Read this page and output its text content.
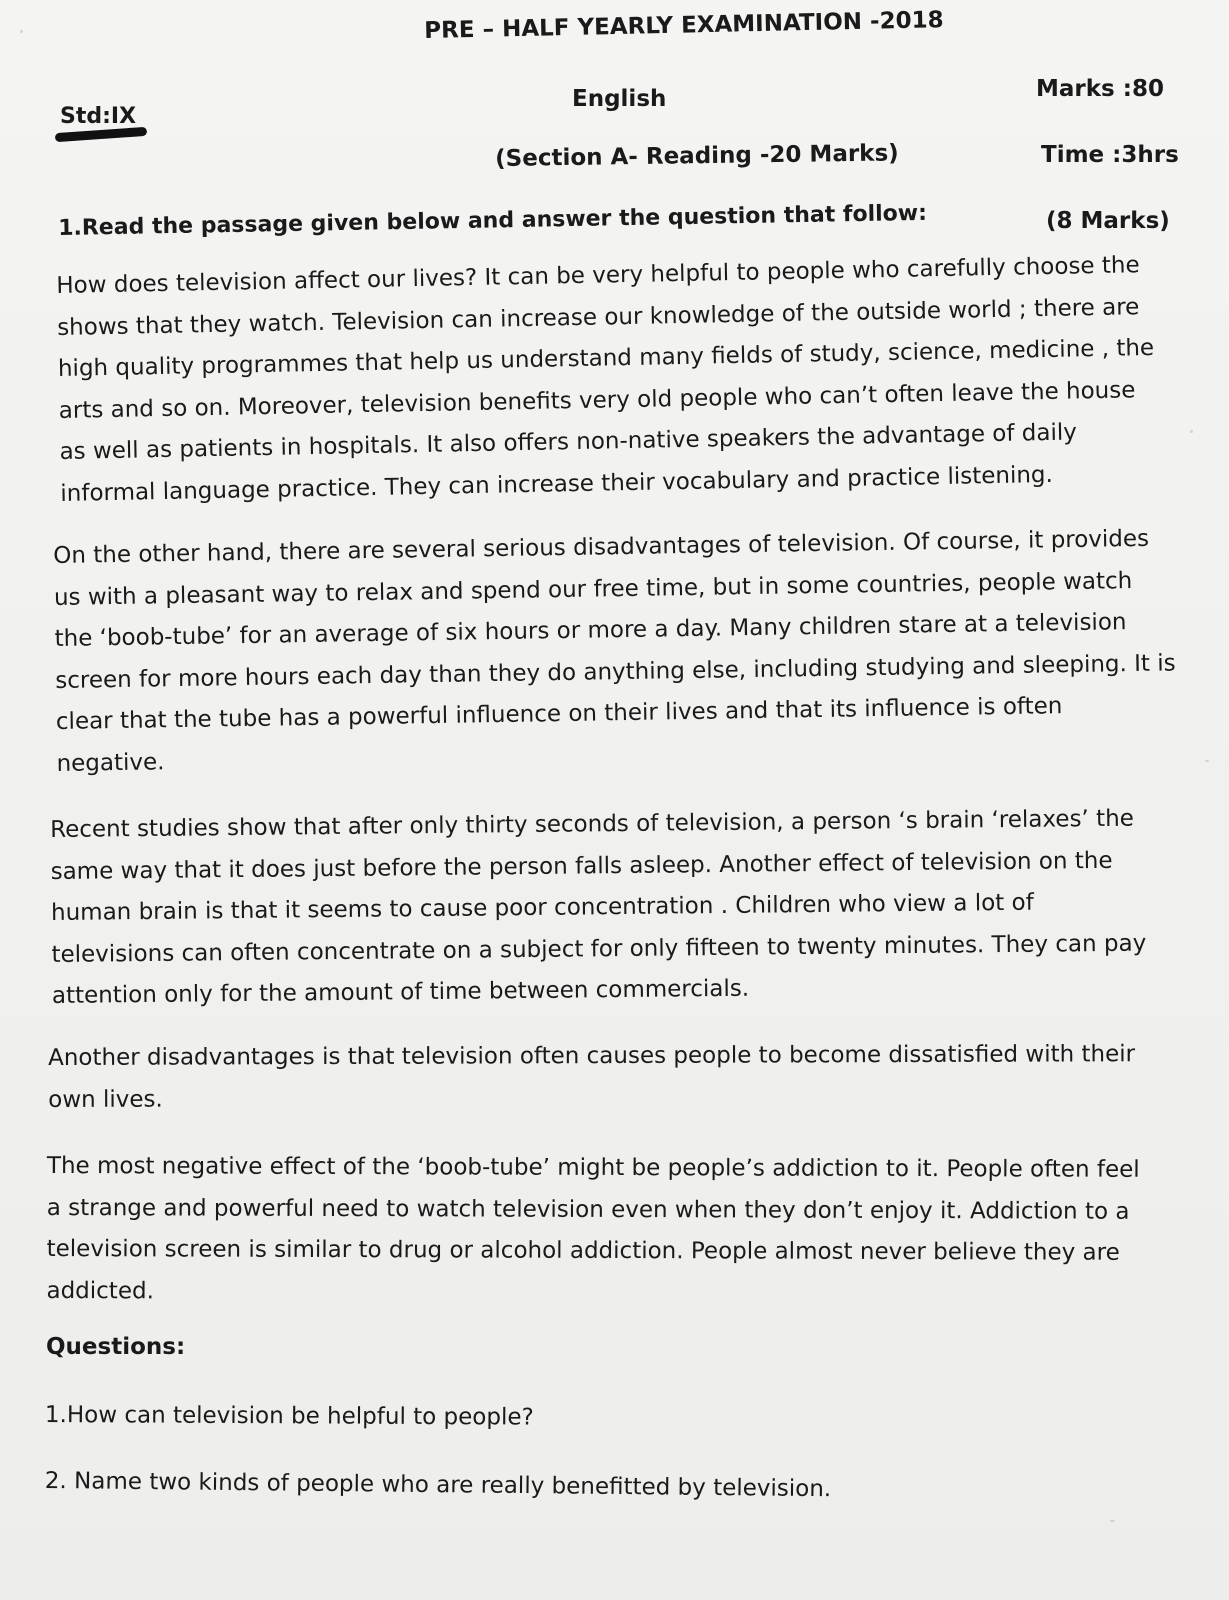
PRE – HALF YEARLY EXAMINATION -2018
English	Marks :80
Std:IX
(Section A- Reading -20 Marks)	Time :3hrs
1.Read the passage given below and answer the question that follow:	(8 Marks)
How does television affect our lives? It can be very helpful to people who carefully choose the
shows that they watch. Television can increase our knowledge of the outside world ; there are
high quality programmes that help us understand many fields of study, science, medicine , the
arts and so on. Moreover, television benefits very old people who can’t often leave the house
as well as patients in hospitals. It also offers non-native speakers the advantage of daily
informal language practice. They can increase their vocabulary and practice listening.
On the other hand, there are several serious disadvantages of television. Of course, it provides
us with a pleasant way to relax and spend our free time, but in some countries, people watch
the ‘boob-tube’ for an average of six hours or more a day. Many children stare at a television
screen for more hours each day than they do anything else, including studying and sleeping. It is
clear that the tube has a powerful influence on their lives and that its influence is often
negative.
Recent studies show that after only thirty seconds of television, a person ‘s brain ‘relaxes’ the
same way that it does just before the person falls asleep. Another effect of television on the
human brain is that it seems to cause poor concentration . Children who view a lot of
televisions can often concentrate on a subject for only fifteen to twenty minutes. They can pay
attention only for the amount of time between commercials.
Another disadvantages is that television often causes people to become dissatisfied with their
own lives.
The most negative effect of the ‘boob-tube’ might be people’s addiction to it. People often feel
a strange and powerful need to watch television even when they don’t enjoy it. Addiction to a
television screen is similar to drug or alcohol addiction. People almost never believe they are
addicted.
Questions:
1.How can television be helpful to people?
2. Name two kinds of people who are really benefitted by television.
